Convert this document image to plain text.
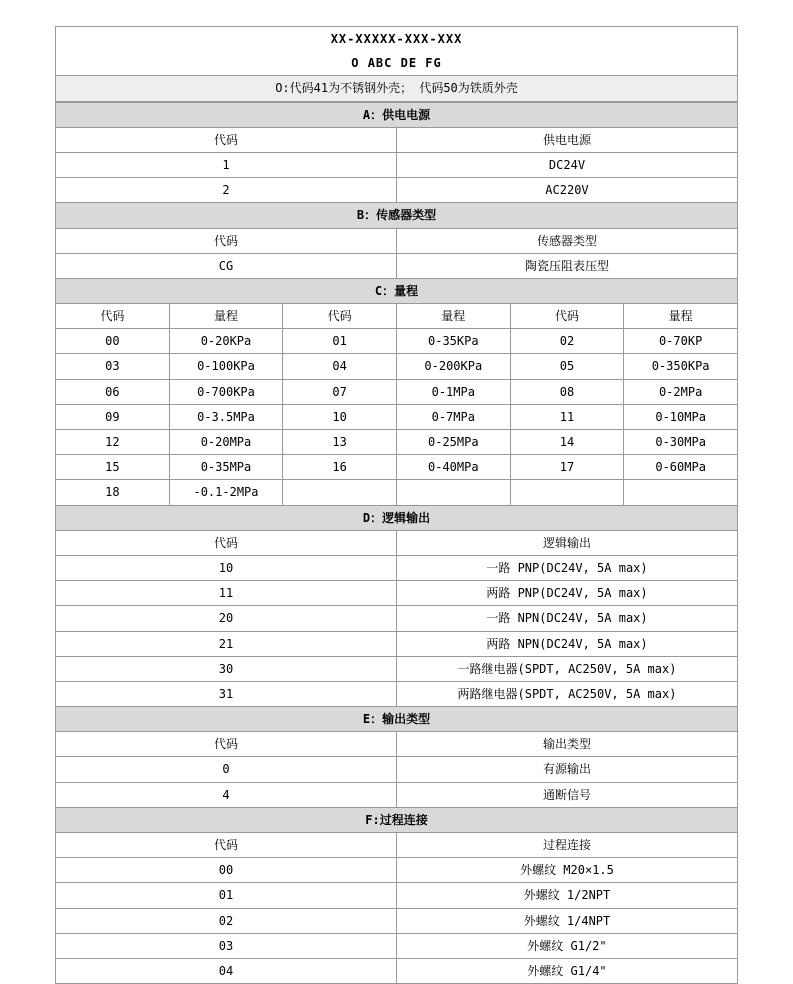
XX-XXXXX-XXX-XXX
O ABC DE FG
O:代码41为不锈钢外壳； 代码50为铁质外壳
A：供电电源					
代码			供电电源		
1			DC24V		
2			AC220V		
B：传感器类型					
代码			传感器类型		
CG			陶瓷压阻表压型		
C：量程					
代码	量程	代码	量程	代码	量程
00	0-20KPa	01	0-35KPa	02	0-70KP
03	0-100KPa	04	0-200KPa	05	0-350KPa
06	0-700KPa	07	0-1MPa	08	0-2MPa
09	0-3.5MPa	10	0-7MPa	11	0-10MPa
12	0-20MPa	13	0-25MPa	14	0-30MPa
15	0-35MPa	16	0-40MPa	17	0-60MPa
18	-0.1-2MPa				
D：逻辑输出					
代码			逻辑输出		
10			一路 PNP(DC24V, 5A max)		
11			两路 PNP(DC24V, 5A max)		
20			一路 NPN(DC24V, 5A max)		
21			两路 NPN(DC24V, 5A max)		
30			一路继电器(SPDT, AC250V, 5A max)		
31			两路继电器(SPDT, AC250V, 5A max)		
E：输出类型					
代码			输出类型		
0			有源输出		
4			通断信号		
F:过程连接					
代码			过程连接		
00			外螺纹 M20×1.5		
01			外螺纹 1/2NPT		
02			外螺纹 1/4NPT		
03			外螺纹 G1/2"		
04			外螺纹 G1/4"		
